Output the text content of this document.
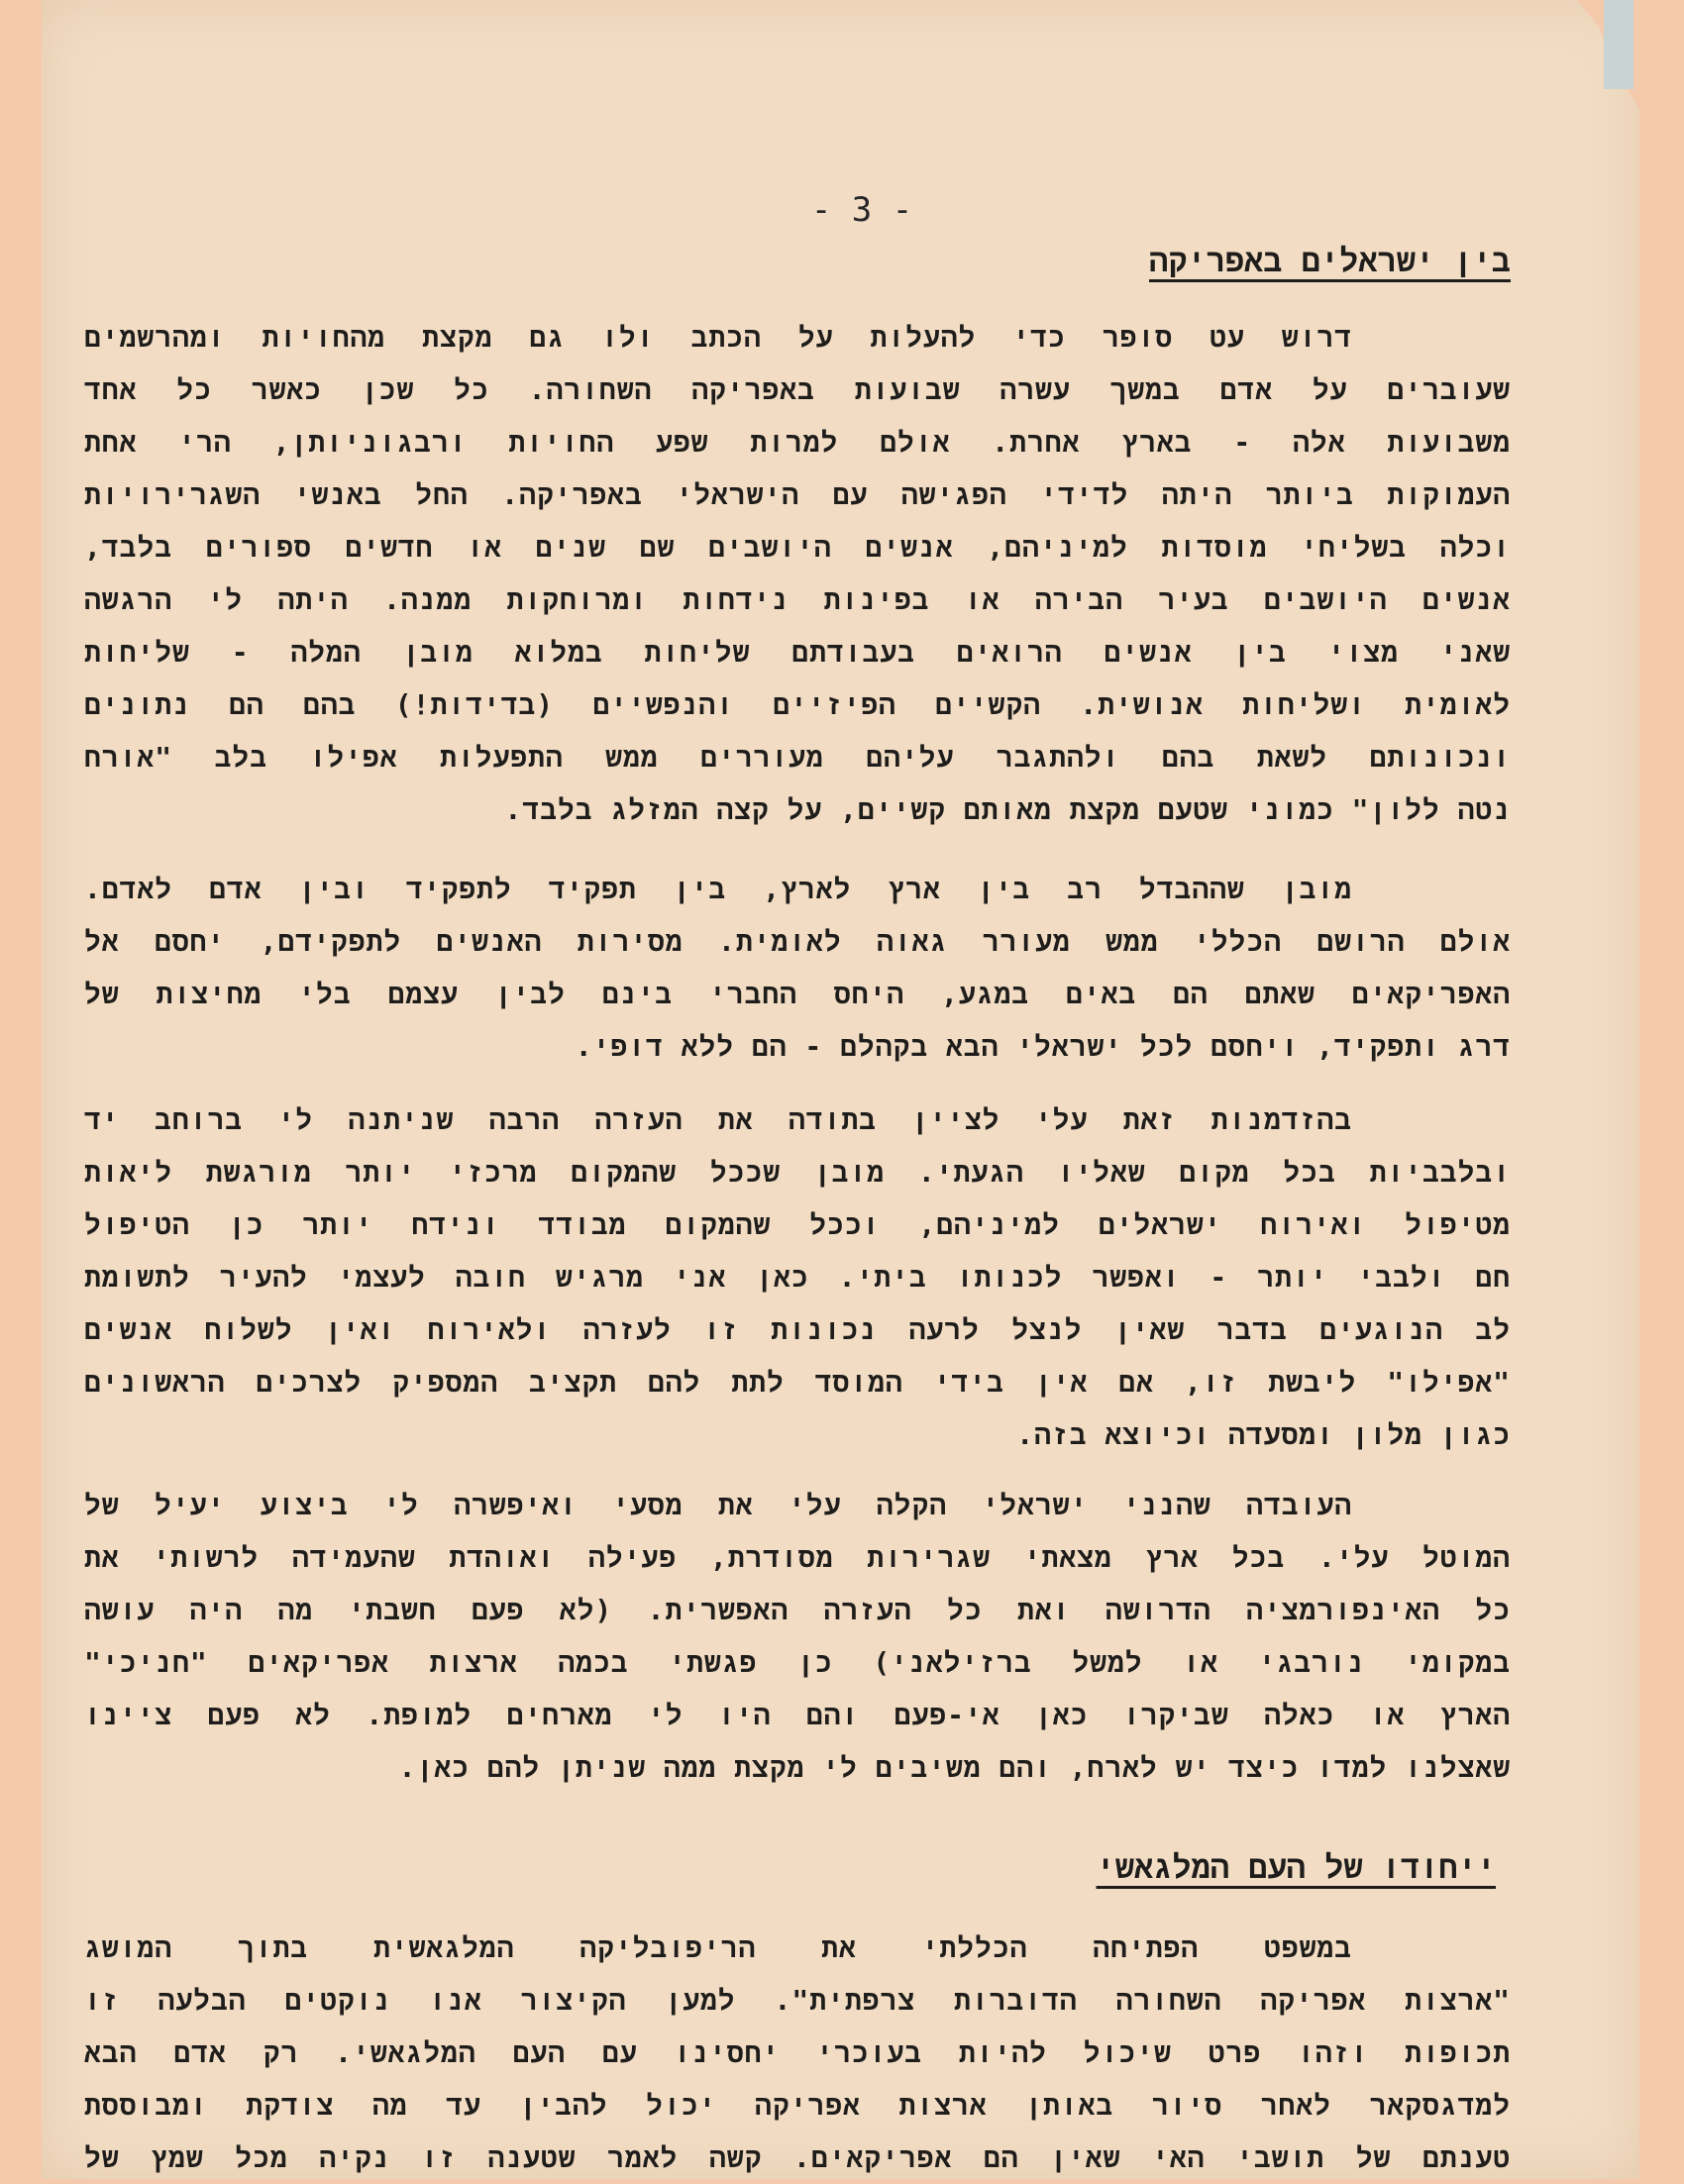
- 3 -
בין ישראלים באפריקה
דרוש עט סופר כדי להעלות על הכתב ולו גם מקצת מהחויות ומהרשמים
שעוברים על אדם במשך עשרה שבועות באפריקה השחורה. כל שכן כאשר כל אחד
משבועות אלה - בארץ אחרת. אולם למרות שפע החויות ורבגוניותן, הרי אחת
העמוקות ביותר היתה לדידי הפגישה עם הישראלי באפריקה. החל באנשי השגרירויות
וכלה בשליחי מוסדות למיניהם, אנשים היושבים שם שנים או חדשים ספורים בלבד,
אנשים היושבים בעיר הבירה או בפינות נידחות ומרוחקות ממנה. היתה לי הרגשה
שאני מצוי בין אנשים הרואים בעבודתם שליחות במלוא מובן המלה - שליחות
לאומית ושליחות אנושית. הקשיים הפיזיים והנפשיים (בדידות!) בהם הם נתונים
ונכונותם לשאת בהם ולהתגבר עליהם מעוררים ממש התפעלות אפילו בלב "אורח
נטה ללון" כמוני שטעם מקצת מאותם קשיים, על קצה המזלג בלבד.
מובן שההבדל רב בין ארץ לארץ, בין תפקיד לתפקיד ובין אדם לאדם.
אולם הרושם הכללי ממש מעורר גאוה לאומית. מסירות האנשים לתפקידם, יחסם אל
האפריקאים שאתם הם באים במגע, היחס החברי בינם לבין עצמם בלי מחיצות של
דרג ותפקיד, ויחסם לכל ישראלי הבא בקהלם - הם ללא דופי.
בהזדמנות זאת עלי לציין בתודה את העזרה הרבה שניתנה לי ברוחב יד
ובלבביות בכל מקום שאליו הגעתי. מובן שככל שהמקום מרכזי יותר מורגשת ליאות
מטיפול ואירוח ישראלים למיניהם, וככל שהמקום מבודד ונידח יותר כן הטיפול
חם ולבבי יותר - ואפשר לכנותו ביתי. כאן אני מרגיש חובה לעצמי להעיר לתשומת
לב הנוגעים בדבר שאין לנצל לרעה נכונות זו לעזרה ולאירוח ואין לשלוח אנשים
"אפילו" ליבשת זו, אם אין בידי המוסד לתת להם תקציב המספיק לצרכים הראשונים
כגון מלון ומסעדה וכיוצא בזה.
העובדה שהנני ישראלי הקלה עלי את מסעי ואיפשרה לי ביצוע יעיל של
המוטל עלי. בכל ארץ מצאתי שגרירות מסודרת, פעילה ואוהדת שהעמידה לרשותי את
כל האינפורמציה הדרושה ואת כל העזרה האפשרית. (לא פעם חשבתי מה היה עושה
במקומי נורבגי או למשל ברזילאני) כן פגשתי בכמה ארצות אפריקאים "חניכי"
הארץ או כאלה שביקרו כאן אי-פעם והם היו לי מארחים למופת. לא פעם ציינו
שאצלנו למדו כיצד יש לארח, והם משיבים לי מקצת ממה שניתן להם כאן.
ייחודו של העם המלגאשי
במשפט הפתיחה הכללתי את הריפובליקה המלגאשית בתוך המושג
"ארצות אפריקה השחורה הדוברות צרפתית". למען הקיצור אנו נוקטים הבלעה זו
תכופות וזהו פרט שיכול להיות בעוכרי יחסינו עם העם המלגאשי. רק אדם הבא
למדגסקאר לאחר סיור באותן ארצות אפריקה יכול להבין עד מה צודקת ומבוססת
טענתם של תושבי האי שאין הם אפריקאים. קשה לאמר שטענה זו נקיה מכל שמץ של
